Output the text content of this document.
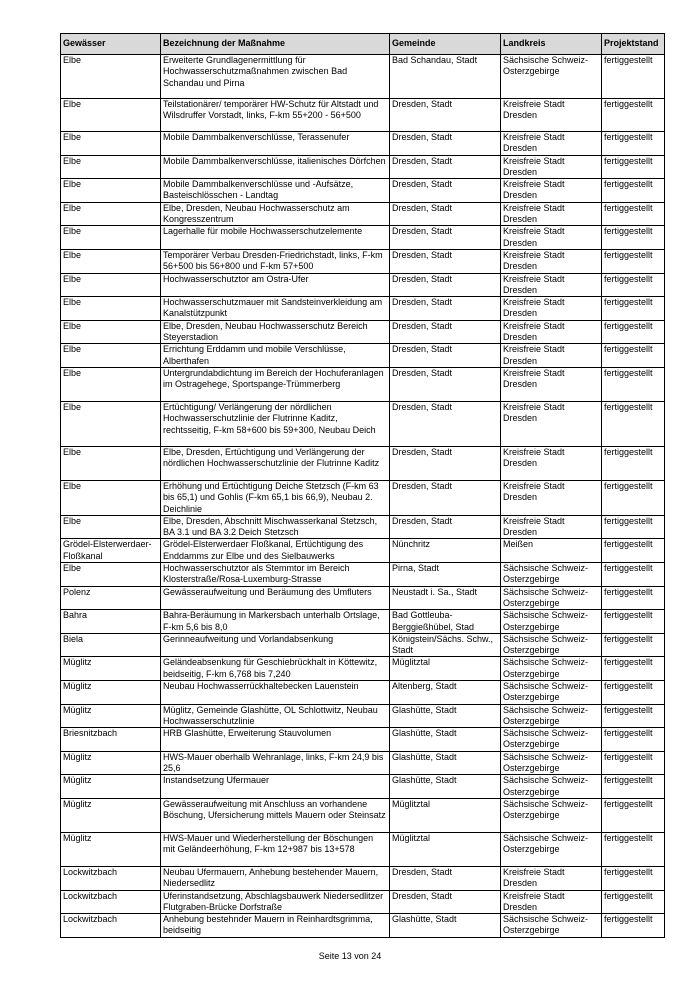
Gewässer	Bezeichnung der Maßnahme	Gemeinde	Landkreis	Projektstand
Elbe	Erweiterte Grundlagenermittlung für Hochwasserschutzmaßnahmen zwischen Bad Schandau und Pirna	Bad Schandau, Stadt	Sächsische Schweiz-Osterzgebirge	fertiggestellt
Elbe	Teilstationärer/ temporärer HW-Schutz für Altstadt und Wilsdruffer Vorstadt, links, F-km 55+200 - 56+500	Dresden, Stadt	Kreisfreie Stadt Dresden	fertiggestellt
Elbe	Mobile Dammbalkenverschlüsse, Terassenufer	Dresden, Stadt	Kreisfreie Stadt Dresden	fertiggestellt
Elbe	Mobile Dammbalkenverschlüsse, italienisches Dörfchen	Dresden, Stadt	Kreisfreie Stadt Dresden	fertiggestellt
Elbe	Mobile Dammbalkenverschlüsse und -Aufsätze, Basteischlösschen - Landtag	Dresden, Stadt	Kreisfreie Stadt Dresden	fertiggestellt
Elbe	Elbe, Dresden, Neubau Hochwasserschutz am Kongresszentrum	Dresden, Stadt	Kreisfreie Stadt Dresden	fertiggestellt
Elbe	Lagerhalle für mobile Hochwasserschutzelemente	Dresden, Stadt	Kreisfreie Stadt Dresden	fertiggestellt
Elbe	Temporärer Verbau Dresden-Friedrichstadt, links, F-km 56+500 bis 56+800 und F-km 57+500	Dresden, Stadt	Kreisfreie Stadt Dresden	fertiggestellt
Elbe	Hochwasserschutztor am Ostra-Ufer	Dresden, Stadt	Kreisfreie Stadt Dresden	fertiggestellt
Elbe	Hochwasserschutzmauer mit Sandsteinverkleidung am Kanalstützpunkt	Dresden, Stadt	Kreisfreie Stadt Dresden	fertiggestellt
Elbe	Elbe, Dresden, Neubau Hochwasserschutz Bereich Steyerstadion	Dresden, Stadt	Kreisfreie Stadt Dresden	fertiggestellt
Elbe	Errichtung Erddamm und mobile Verschlüsse, Alberthafen	Dresden, Stadt	Kreisfreie Stadt Dresden	fertiggestellt
Elbe	Untergrundabdichtung im Bereich der Hochuferanlagen im Ostragehege, Sportspange-Trümmerberg	Dresden, Stadt	Kreisfreie Stadt Dresden	fertiggestellt
Elbe	Ertüchtigung/ Verlängerung der nördlichen Hochwasserschutzlinie der Flutrinne Kaditz, rechtsseitig, F-km 58+600 bis 59+300, Neubau Deich	Dresden, Stadt	Kreisfreie Stadt Dresden	fertiggestellt
Elbe	Elbe, Dresden, Ertüchtigung und Verlängerung der nördlichen Hochwasserschutzlinie der Flutrinne Kaditz	Dresden, Stadt	Kreisfreie Stadt Dresden	fertiggestellt
Elbe	Erhöhung und Ertüchtigung Deiche Stetzsch (F-km 63 bis 65,1) und Gohlis (F-km 65,1 bis 66,9), Neubau 2. Deichlinie	Dresden, Stadt	Kreisfreie Stadt Dresden	fertiggestellt
Elbe	Elbe, Dresden, Abschnitt Mischwasserkanal Stetzsch, BA 3.1 und BA 3.2 Deich Stetzsch	Dresden, Stadt	Kreisfreie Stadt Dresden	fertiggestellt
Grödel-Elsterwerdaer-Floßkanal	Grödel-Elsterwerdaer Floßkanal, Ertüchtigung des Enddamms zur Elbe und des Sielbauwerks	Nünchritz	Meißen	fertiggestellt
Elbe	Hochwasserschutztor als Stemmtor im Bereich Klosterstraße/Rosa-Luxemburg-Strasse	Pirna, Stadt	Sächsische Schweiz-Osterzgebirge	fertiggestellt
Polenz	Gewässeraufweitung und Beräumung des Umfluters	Neustadt i. Sa., Stadt	Sächsische Schweiz-Osterzgebirge	fertiggestellt
Bahra	Bahra-Beräumung in Markersbach unterhalb Ortslage, F-km 5,6 bis 8,0	Bad Gottleuba-Berggießhübel, Stad	Sächsische Schweiz-Osterzgebirge	fertiggestellt
Biela	Gerinneaufweitung und Vorlandabsenkung	Königstein/Sächs. Schw., Stadt	Sächsische Schweiz-Osterzgebirge	fertiggestellt
Müglitz	Geländeabsenkung für Geschiebrückhalt in Köttewitz, beidseitig, F-km 6,768 bis 7,240	Müglitztal	Sächsische Schweiz-Osterzgebirge	fertiggestellt
Müglitz	Neubau Hochwasserrückhaltebecken Lauenstein	Altenberg, Stadt	Sächsische Schweiz-Osterzgebirge	fertiggestellt
Müglitz	Müglitz, Gemeinde Glashütte, OL Schlottwitz, Neubau Hochwasserschutzlinie	Glashütte, Stadt	Sächsische Schweiz-Osterzgebirge	fertiggestellt
Briesnitzbach	HRB Glashütte, Erweiterung Stauvolumen	Glashütte, Stadt	Sächsische Schweiz-Osterzgebirge	fertiggestellt
Müglitz	HWS-Mauer oberhalb Wehranlage, links, F-km 24,9 bis 25,6	Glashütte, Stadt	Sächsische Schweiz-Osterzgebirge	fertiggestellt
Müglitz	Instandsetzung Ufermauer	Glashütte, Stadt	Sächsische Schweiz-Osterzgebirge	fertiggestellt
Müglitz	Gewässeraufweitung mit Anschluss an vorhandene Böschung, Ufersicherung mittels Mauern oder Steinsatz	Müglitztal	Sächsische Schweiz-Osterzgebirge	fertiggestellt
Müglitz	HWS-Mauer und Wiederherstellung der Böschungen mit Geländeerhöhung, F-km 12+987 bis 13+578	Müglitztal	Sächsische Schweiz-Osterzgebirge	fertiggestellt
Lockwitzbach	Neubau Ufermauern, Anhebung bestehender Mauern, Niedersedlitz	Dresden, Stadt	Kreisfreie Stadt Dresden	fertiggestellt
Lockwitzbach	Uferinstandsetzung, Abschlagsbauwerk Niedersedlitzer Flutgraben-Brücke Dorfstraße	Dresden, Stadt	Kreisfreie Stadt Dresden	fertiggestellt
Lockwitzbach	Anhebung bestehnder Mauern in Reinhardtsgrimma, beidseitig	Glashütte, Stadt	Sächsische Schweiz-Osterzgebirge	fertiggestellt
Seite 13 von 24
